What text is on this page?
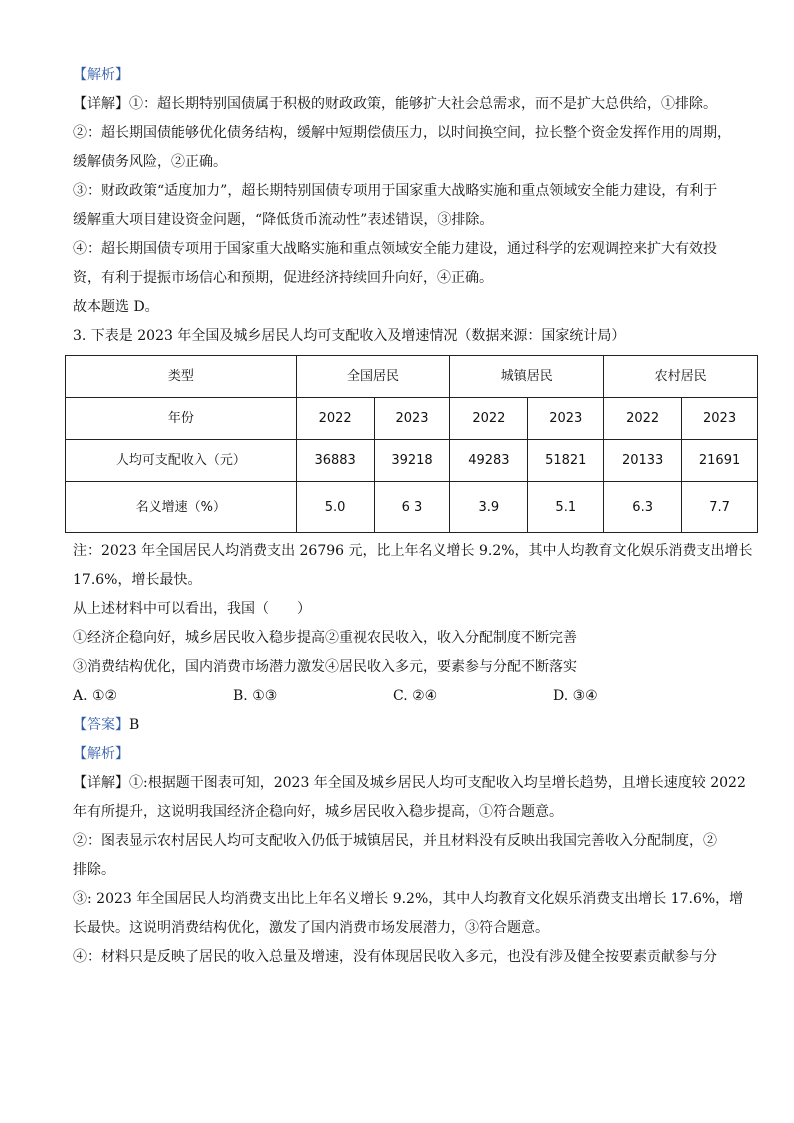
【解析】

【详解】①：超长期特别国债属于积极的财政政策，能够扩大社会总需求，而不是扩大总供给，①排除。

②：超长期国债能够优化债务结构，缓解中短期偿债压力，以时间换空间，拉长整个资金发挥作用的周期，

缓解债务风险，②正确。

③：财政政策“适度加力”，超长期特别国债专项用于国家重大战略实施和重点领域安全能力建设，有利于

缓解重大项目建设资金问题，“降低货币流动性”表述错误，③排除。

④：超长期国债专项用于国家重大战略实施和重点领域安全能力建设，通过科学的宏观调控来扩大有效投

资，有利于提振市场信心和预期，促进经济持续回升向好，④正确。

故本题选 D。

3. 下表是 2023 年全国及城乡居民人均可支配收入及增速情况（数据来源：国家统计局）

类型	全国居民		城镇居民		农村居民	
年份	2022	2023	2022	2023	2022	2023
人均可支配收入（元）	36883	39218	49283	51821	20133	21691
名义增速（%）	5.0	6 3	3.9	5.1	6.3	7.7

注：2023 年全国居民人均消费支出 26796 元，比上年名义增长 9.2%，其中人均教育文化娱乐消费支出增长

17.6%，增长最快。

从上述材料中可以看出，我国（　　）

①经济企稳向好，城乡居民收入稳步提高②重视农民收入，收入分配制度不断完善

③消费结构优化，国内消费市场潜力激发④居民收入多元，要素参与分配不断落实

A. ①②	B. ①③	C. ②④	D. ③④

【答案】B

【解析】

【详解】①:根据题干图表可知，2023 年全国及城乡居民人均可支配收入均呈增长趋势，且增长速度较 2022

年有所提升，这说明我国经济企稳向好，城乡居民收入稳步提高，①符合题意。

②：图表显示农村居民人均可支配收入仍低于城镇居民，并且材料没有反映出我国完善收入分配制度，②

排除。

③: 2023 年全国居民人均消费支出比上年名义增长 9.2%，其中人均教育文化娱乐消费支出增长 17.6%，增

长最快。这说明消费结构优化，激发了国内消费市场发展潜力，③符合题意。

④：材料只是反映了居民的收入总量及增速，没有体现居民收入多元，也没有涉及健全按要素贡献参与分
